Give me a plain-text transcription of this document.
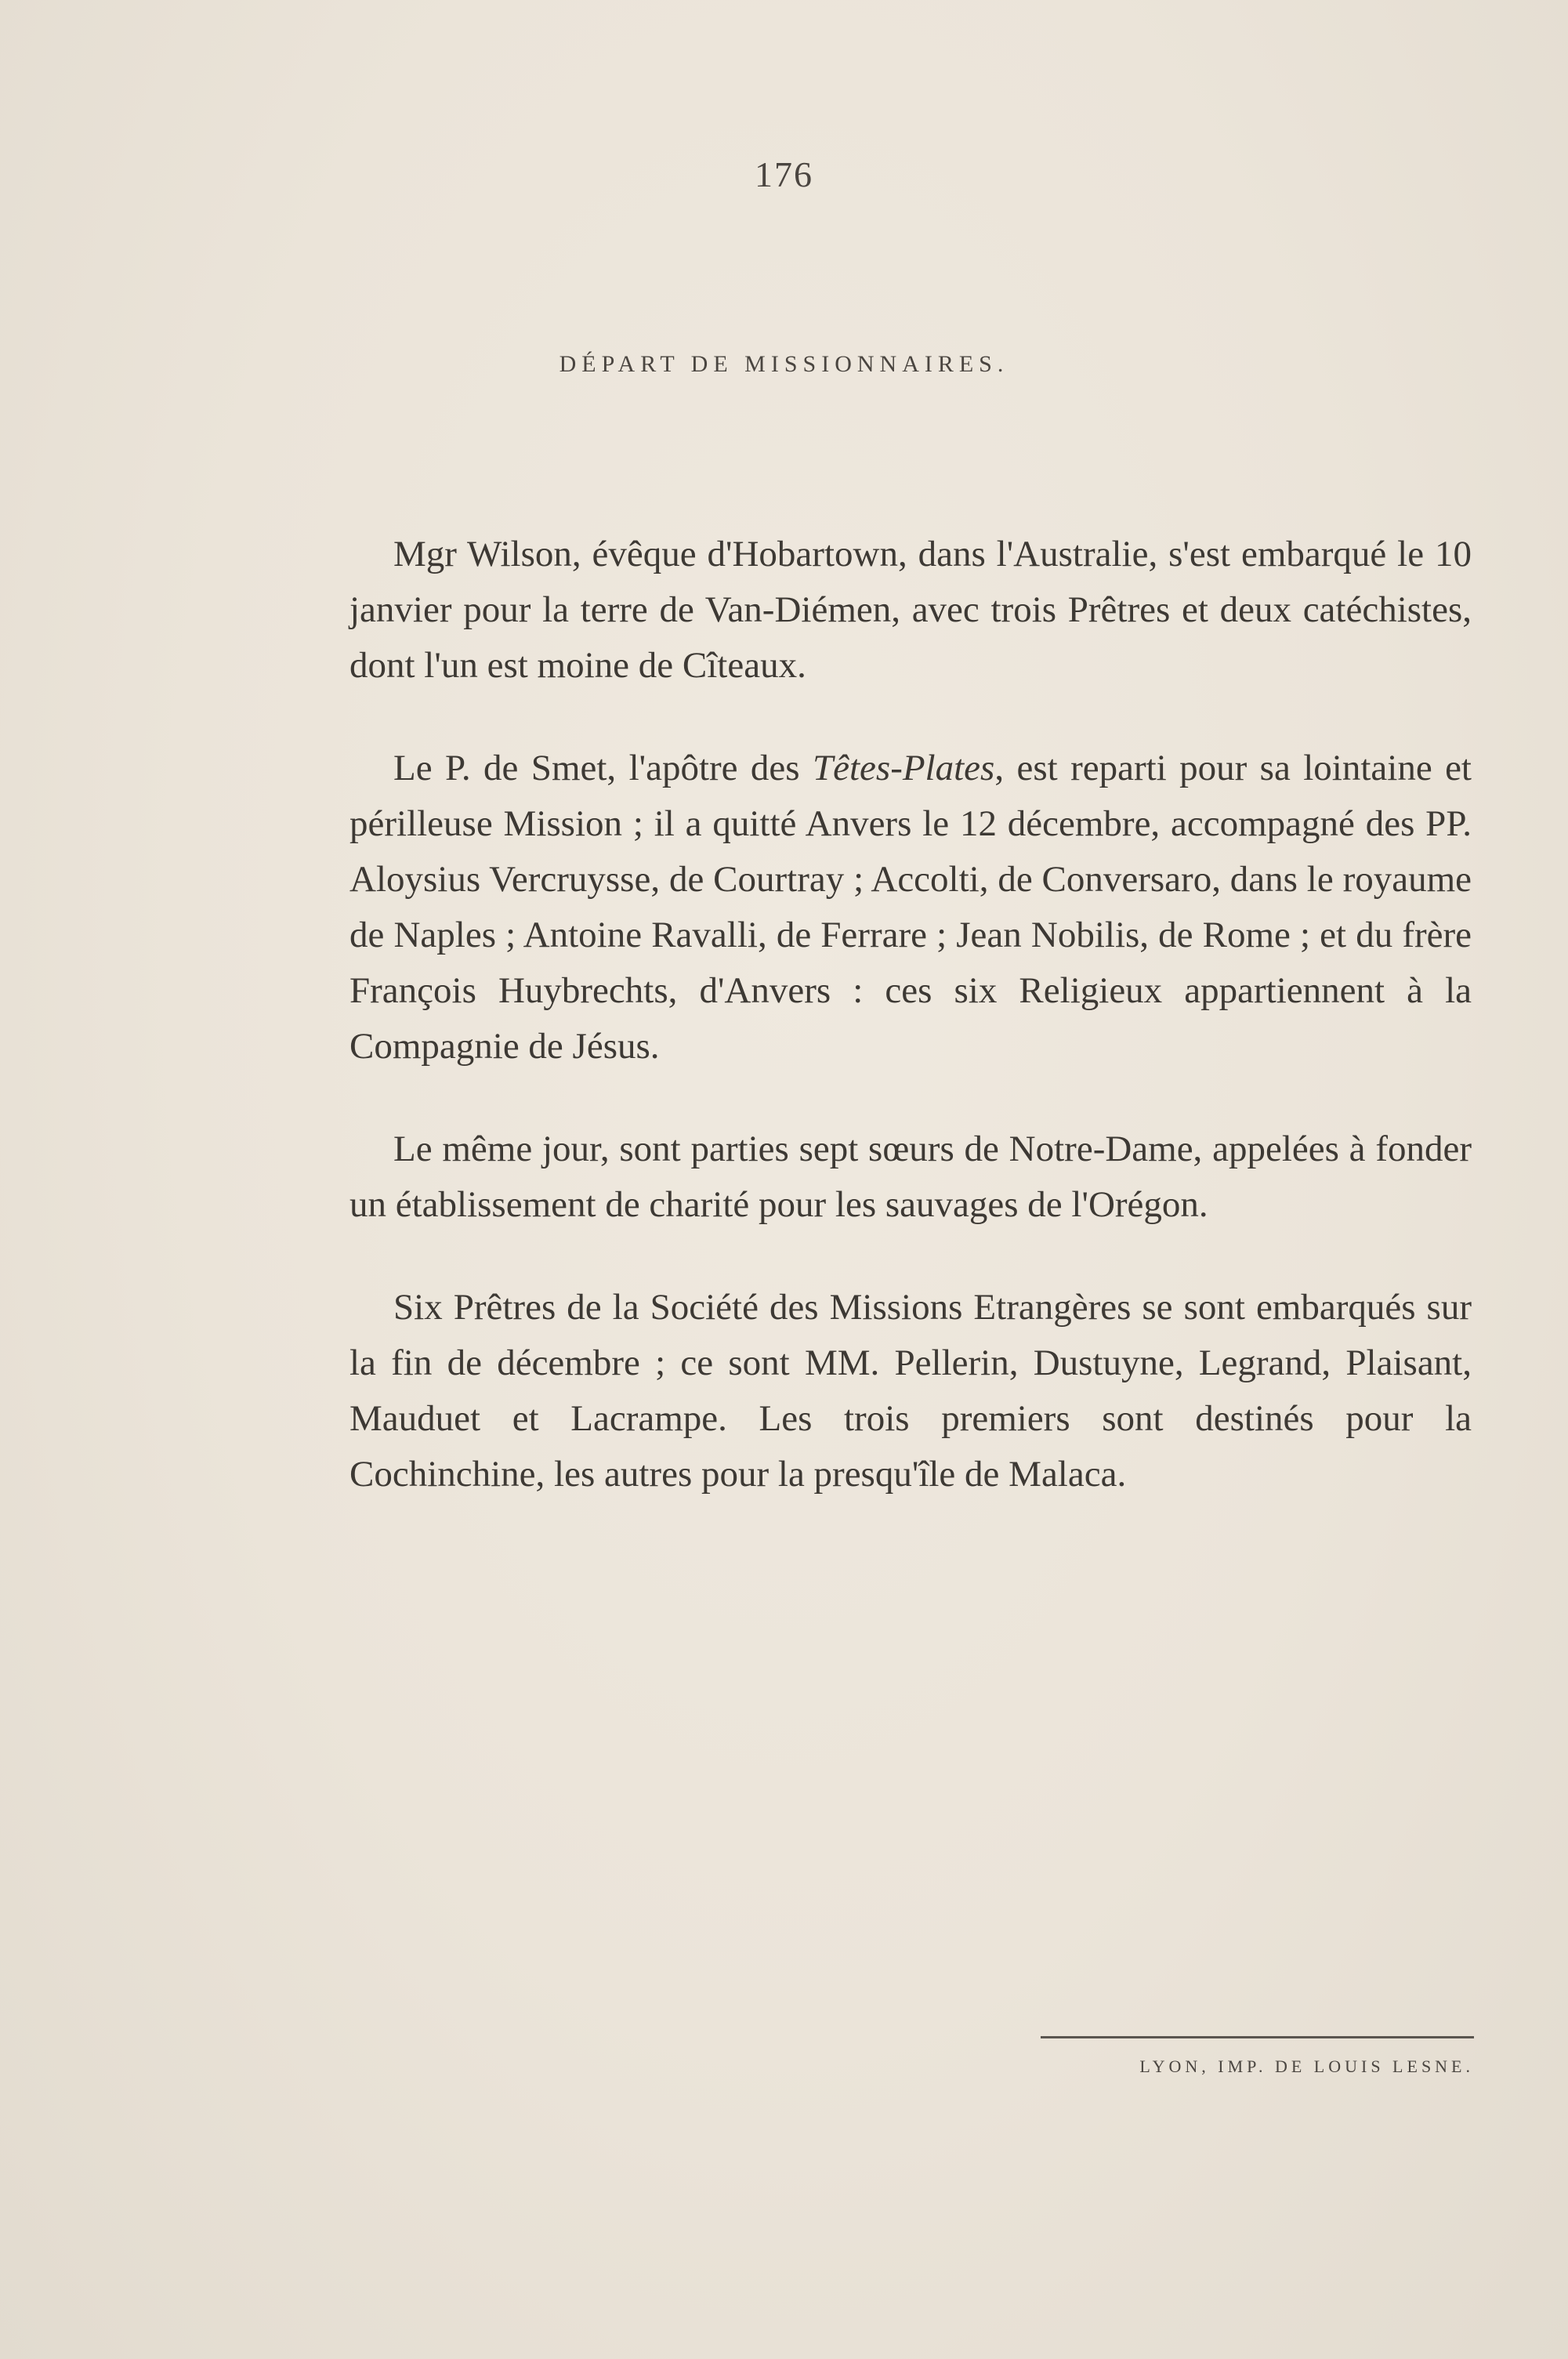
176
DÉPART DE MISSIONNAIRES.

Mgr Wilson, évêque d'Hobartown, dans l'Australie, s'est embarqué le 10 janvier pour la terre de Van-Diémen, avec trois Prêtres et deux catéchistes, dont l'un est moine de Cîteaux.

Le P. de Smet, l'apôtre des Têtes-Plates, est reparti pour sa lointaine et périlleuse Mission ; il a quitté Anvers le 12 décembre, accompagné des PP. Aloysius Vercruysse, de Courtray ; Accolti, de Conversaro, dans le royaume de Naples ; Antoine Ravalli, de Ferrare ; Jean Nobilis, de Rome ; et du frère François Huybrechts, d'Anvers : ces six Religieux appartiennent à la Compagnie de Jésus.

Le même jour, sont parties sept sœurs de Notre-Dame, appelées à fonder un établissement de charité pour les sauvages de l'Orégon.

Six Prêtres de la Société des Missions Etrangères se sont embarqués sur la fin de décembre ; ce sont MM. Pellerin, Dustuyne, Legrand, Plaisant, Mauduet et Lacrampe. Les trois premiers sont destinés pour la Cochinchine, les autres pour la presqu'île de Malaca.

LYON, IMP. DE LOUIS LESNE.
